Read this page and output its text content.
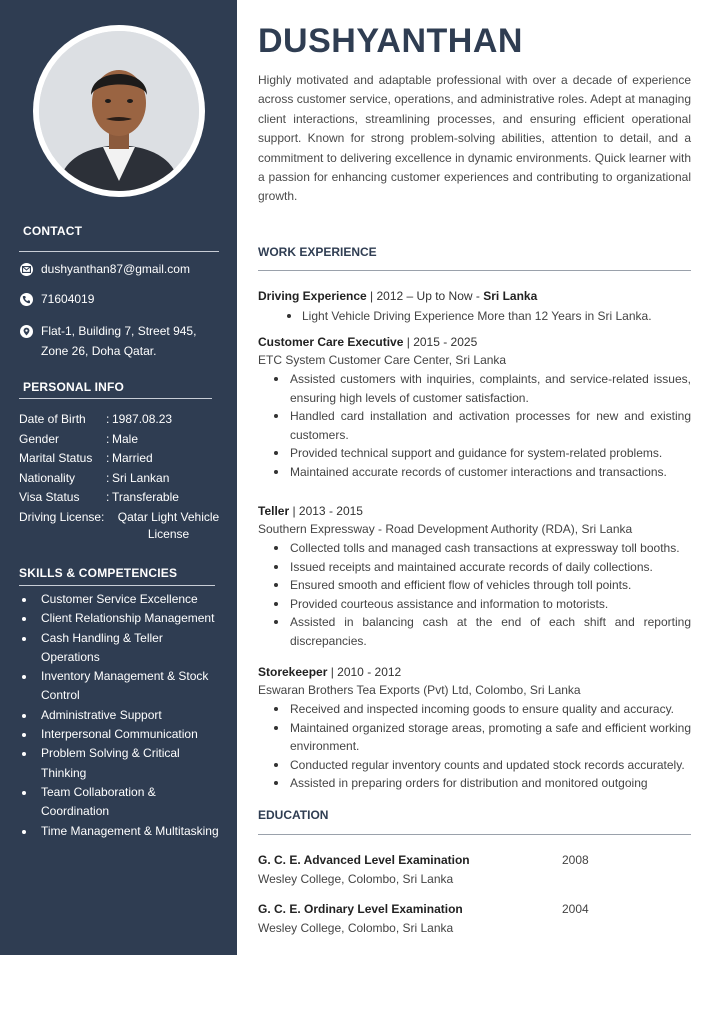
CONTACT
dushyanthan87@gmail.com
71604019
Flat-1, Building 7, Street 945, Zone 26, Doha Qatar.
PERSONAL INFO
Date of Birth	: 1987.08.23
Gender	: Male
Marital Status	: Married
Nationality	: Sri Lankan
Visa Status	: Transferable
Driving License:	Qatar Light Vehicle License
SKILLS & COMPETENCIES
Customer Service Excellence
Client Relationship Management
Cash Handling & Teller Operations
Inventory Management & Stock Control
Administrative Support
Interpersonal Communication
Problem Solving & Critical Thinking
Team Collaboration & Coordination
Time Management & Multitasking
DUSHYANTHAN
Highly motivated and adaptable professional with over a decade of experience across customer service, operations, and administrative roles. Adept at managing client interactions, streamlining processes, and ensuring efficient operational support. Known for strong problem-solving abilities, attention to detail, and a commitment to delivering excellence in dynamic environments. Quick learner with a passion for enhancing customer experiences and contributing to organizational growth.
WORK EXPERIENCE
Driving Experience | 2012 – Up to Now - Sri Lanka
Light Vehicle Driving Experience More than 12 Years in Sri Lanka.
Customer Care Executive | 2015 - 2025
ETC System Customer Care Center, Sri Lanka
Assisted customers with inquiries, complaints, and service-related issues, ensuring high levels of customer satisfaction.
Handled card installation and activation processes for new and existing customers.
Provided technical support and guidance for system-related problems.
Maintained accurate records of customer interactions and transactions.
Teller | 2013 - 2015
Southern Expressway - Road Development Authority (RDA), Sri Lanka
Collected tolls and managed cash transactions at expressway toll booths.
Issued receipts and maintained accurate records of daily collections.
Ensured smooth and efficient flow of vehicles through toll points.
Provided courteous assistance and information to motorists.
Assisted in balancing cash at the end of each shift and reporting discrepancies.
Storekeeper | 2010 - 2012
Eswaran Brothers Tea Exports (Pvt) Ltd, Colombo, Sri Lanka
Received and inspected incoming goods to ensure quality and accuracy.
Maintained organized storage areas, promoting a safe and efficient working environment.
Conducted regular inventory counts and updated stock records accurately.
Assisted in preparing orders for distribution and monitored outgoing
EDUCATION
G. C. E. Advanced Level Examination	2008
Wesley College, Colombo, Sri Lanka
G. C. E. Ordinary Level Examination	2004
Wesley College, Colombo, Sri Lanka
